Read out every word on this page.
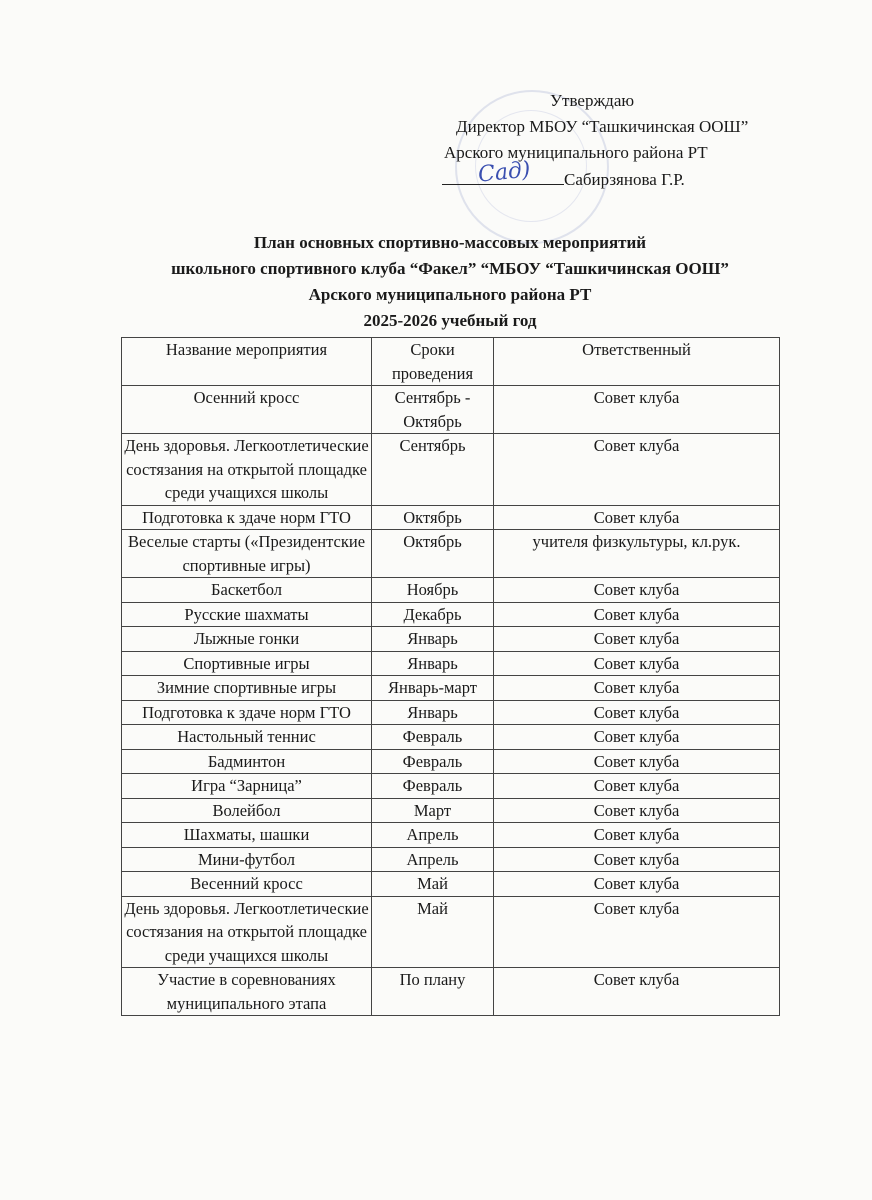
Утверждаю
Директор МБОУ “Ташкичинская ООШ”
Арского муниципального района РТ
Сабирзянова Г.Р.
Сад)
План основных спортивно-массовых мероприятий
школьного спортивного клуба “Факел” “МБОУ “Ташкичинская ООШ”
Арского муниципального района РТ
2025-2026 учебный год
Название мероприятия	Сроки проведения	Ответственный
Осенний кросс	Сентябрь - Октябрь	Совет клуба
День здоровья. Легкоотлетические состязания на открытой площадке среди учащихся школы	Сентябрь	Совет клуба
Подготовка к здаче норм ГТО	Октябрь	Совет клуба
Веселые старты («Президентские спортивные игры)	Октябрь	учителя физкультуры, кл.рук.
Баскетбол	Ноябрь	Совет клуба
Русские шахматы	Декабрь	Совет клуба
Лыжные гонки	Январь	Совет клуба
Спортивные игры	Январь	Совет клуба
Зимние спортивные игры	Январь-март	Совет клуба
Подготовка к здаче норм ГТО	Январь	Совет клуба
Настольный теннис	Февраль	Совет клуба
Бадминтон	Февраль	Совет клуба
Игра “Зарница”	Февраль	Совет клуба
Волейбол	Март	Совет клуба
Шахматы, шашки	Апрель	Совет клуба
Мини-футбол	Апрель	Совет клуба
Весенний кросс	Май	Совет клуба
День здоровья. Легкоотлетические состязания на открытой площадке среди учащихся школы	Май	Совет клуба
Участие в соревнованиях муниципального этапа	По плану	Совет клуба
